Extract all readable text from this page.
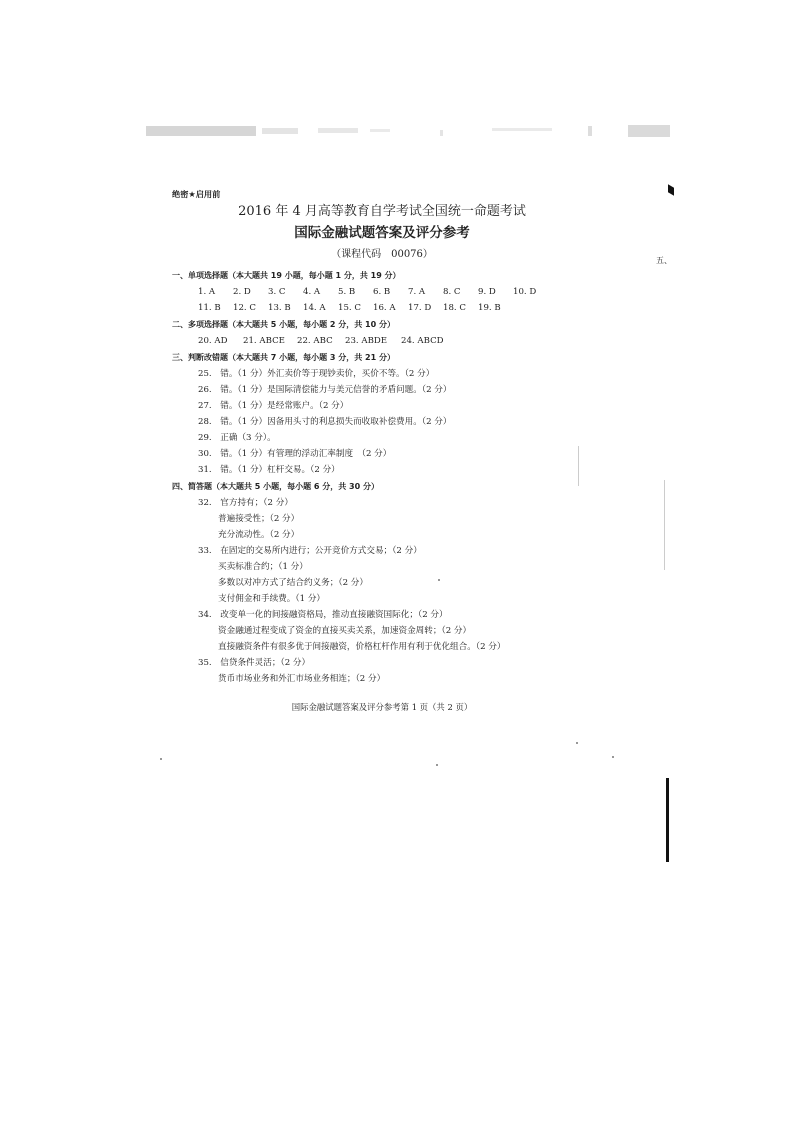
五、
绝密★启用前
2016 年 4 月高等教育自学考试全国统一命题考试
国际金融试题答案及评分参考
（课程代码　00076）
一、单项选择题（本大题共 19 小题，每小题 1 分，共 19 分）
1. A	2. D	3. C	4. A	5. B	6. B	7. A	8. C	9. D	10. D
11. B	12. C	13. B	14. A	15. C	16. A	17. D	18. C	19. B
二、多项选择题（本大题共 5 小题，每小题 2 分，共 10 分）
20. AD	21. ABCE	22. ABC	23. ABDE	24. ABCD
三、判断改错题（本大题共 7 小题，每小题 3 分，共 21 分）
25.　错。（1 分）外汇卖价等于现钞卖价，买价不等。（2 分）
26.　错。（1 分）是国际清偿能力与美元信誉的矛盾问题。（2 分）
27.　错。（1 分）是经常账户。（2 分）
28.　错。（1 分）因备用头寸的利息损失而收取补偿费用。（2 分）
29.　正确（3 分）。
30.　错。（1 分）有管理的浮动汇率制度　（2 分）
31.　错。（1 分）杠杆交易。（2 分）
四、简答题（本大题共 5 小题，每小题 6 分，共 30 分）
32.　官方持有；（2 分）
普遍接受性；（2 分）
充分流动性。（2 分）
33.　在固定的交易所内进行；公开竞价方式交易；（2 分）
买卖标准合约；（1 分）
多数以对冲方式了结合约义务；（2 分）
支付佣金和手续费。（1 分）
34.　改变单一化的间接融资格局，推动直接融资国际化；（2 分）
资金融通过程变成了资金的直接买卖关系，加速资金周转；（2 分）
直接融资条件有很多优于间接融资，价格杠杆作用有利于优化组合。（2 分）
35.　信贷条件灵活；（2 分）
货币市场业务和外汇市场业务相连；（2 分）
国际金融试题答案及评分参考第 1 页（共 2 页）
